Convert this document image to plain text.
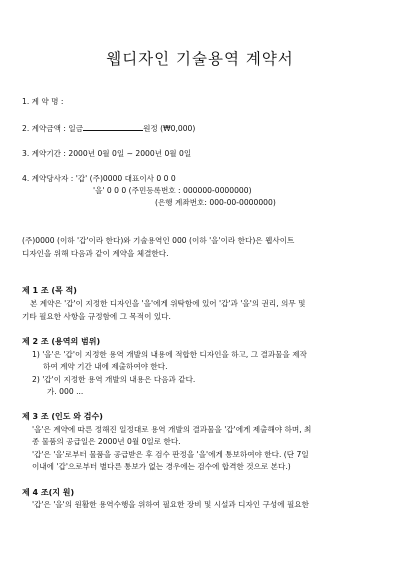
웹디자인 기술용역 계약서
1. 계 약 명 :
2. 계약금액 : 일금	원정 (₩0,000)
3. 계약기간 : 2000년 0월 0일 ~ 2000년 0월 0일
4. 계약당사자 : '갑' (주)0000 대표이사 0 0 0
'을' 0 0 0 (주민등록번호 : 000000-0000000)
(은행 계좌번호: 000-00-0000000)
(주)0000 (이하 '갑'이라 한다)와 기술용역인 000 (이하 '을'이라 한다)은 웹사이트
디자인을 위해 다음과 같이 계약을 체결한다.
제 1 조 (목 적)
본 계약은 '갑'이 지정한 디자인을 '을'에게 위탁함에 있어 '갑'과 '을'의 권리, 의무 및
기타 필요한 사항을 규정함에 그 목적이 있다.
제 2 조 (용역의 범위)
1) '을'은 '갑'이 지정한 용역 개발의 내용에 적합한 디자인을 하고, 그 결과물을 제작
하여 계약 기간 내에 제출하여야 한다.
2) '갑'이 지정한 용역 개발의 내용은 다음과 같다.
가. 000 ...
제 3 조 (인도 와 검수)
'을'은 계약에 따른 정해진 일정대로 용역 개발의 결과물을 '갑'에게 제출해야 하며, 최
종 물품의 공급일은 2000년 0월 0일로 한다.
'갑'은 '을'로부터 물품을 공급받은 후 검수 판정을 '을'에게 통보하여야 한다. (단 7일
이내에 '갑'으로부터 별다른 통보가 없는 경우에는 검수에 합격한 것으로 본다.)
제 4 조(지 원)
'갑'은 '을'의 원활한 용역수행을 위하여 필요한 장비 및 시설과 디자인 구성에 필요한
